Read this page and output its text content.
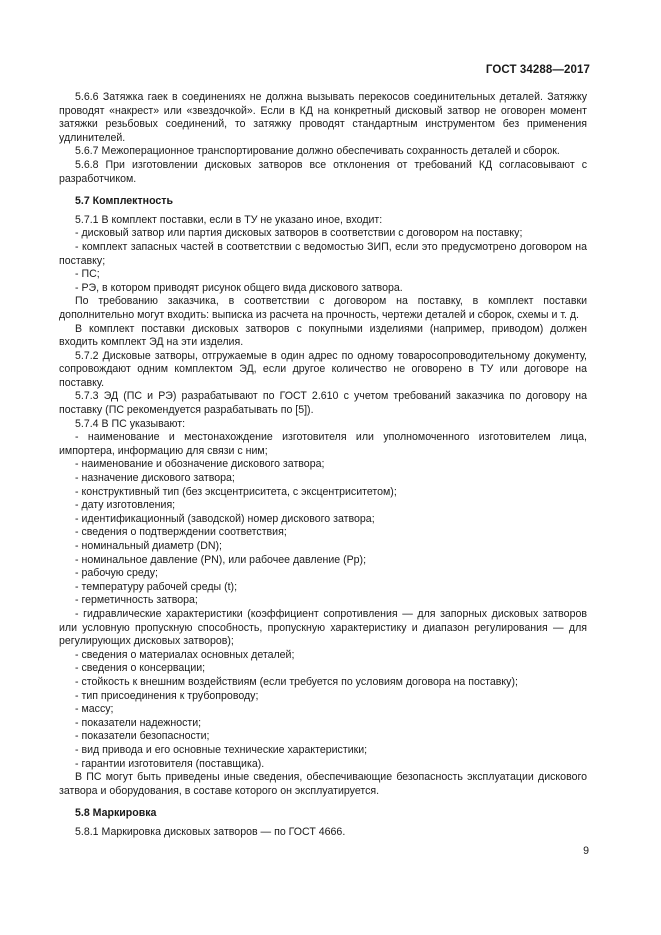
ГОСТ 34288—2017

5.6.6 Затяжка гаек в соединениях не должна вызывать перекосов соединительных деталей. Затяжку проводят «накрест» или «звездочкой». Если в КД на конкретный дисковый затвор не оговорен момент затяжки резьбовых соединений, то затяжку проводят стандартным инструментом без применения удлинителей.

5.6.7 Межоперационное транспортирование должно обеспечивать сохранность деталей и сборок.

5.6.8 При изготовлении дисковых затворов все отклонения от требований КД согласовывают с разработчиком.

5.7 Комплектность

5.7.1 В комплект поставки, если в ТУ не указано иное, входит:

- дисковый затвор или партия дисковых затворов в соответствии с договором на поставку;

- комплект запасных частей в соответствии с ведомостью ЗИП, если это предусмотрено договором на поставку;

- ПС;

- РЭ, в котором приводят рисунок общего вида дискового затвора.

По требованию заказчика, в соответствии с договором на поставку, в комплект поставки дополнительно могут входить: выписка из расчета на прочность, чертежи деталей и сборок, схемы и т. д.

В комплект поставки дисковых затворов с покупными изделиями (например, приводом) должен входить комплект ЭД на эти изделия.

5.7.2 Дисковые затворы, отгружаемые в один адрес по одному товаросопроводительному документу, сопровождают одним комплектом ЭД, если другое количество не оговорено в ТУ или договоре на поставку.

5.7.3 ЭД (ПС и РЭ) разрабатывают по ГОСТ 2.610 с учетом требований заказчика по договору на поставку (ПС рекомендуется разрабатывать по [5]).

5.7.4 В ПС указывают:

- наименование и местонахождение изготовителя или уполномоченного изготовителем лица, импортера, информацию для связи с ним;

- наименование и обозначение дискового затвора;

- назначение дискового затвора;

- конструктивный тип (без эксцентриситета, с эксцентриситетом);

- дату изготовления;

- идентификационный (заводской) номер дискового затвора;

- сведения о подтверждении соответствия;

- номинальный диаметр (DN);

- номинальное давление (PN), или рабочее давление (Pр);

- рабочую среду;

- температуру рабочей среды (t);

- герметичность затвора;

- гидравлические характеристики (коэффициент сопротивления — для запорных дисковых затворов или условную пропускную способность, пропускную характеристику и диапазон регулирования — для регулирующих дисковых затворов);

- сведения о материалах основных деталей;

- сведения о консервации;

- стойкость к внешним воздействиям (если требуется по условиям договора на поставку);

- тип присоединения к трубопроводу;

- массу;

- показатели надежности;

- показатели безопасности;

- вид привода и его основные технические характеристики;

- гарантии изготовителя (поставщика).

В ПС могут быть приведены иные сведения, обеспечивающие безопасность эксплуатации дискового затвора и оборудования, в составе которого он эксплуатируется.

5.8 Маркировка

5.8.1 Маркировка дисковых затворов — по ГОСТ 4666.

9
